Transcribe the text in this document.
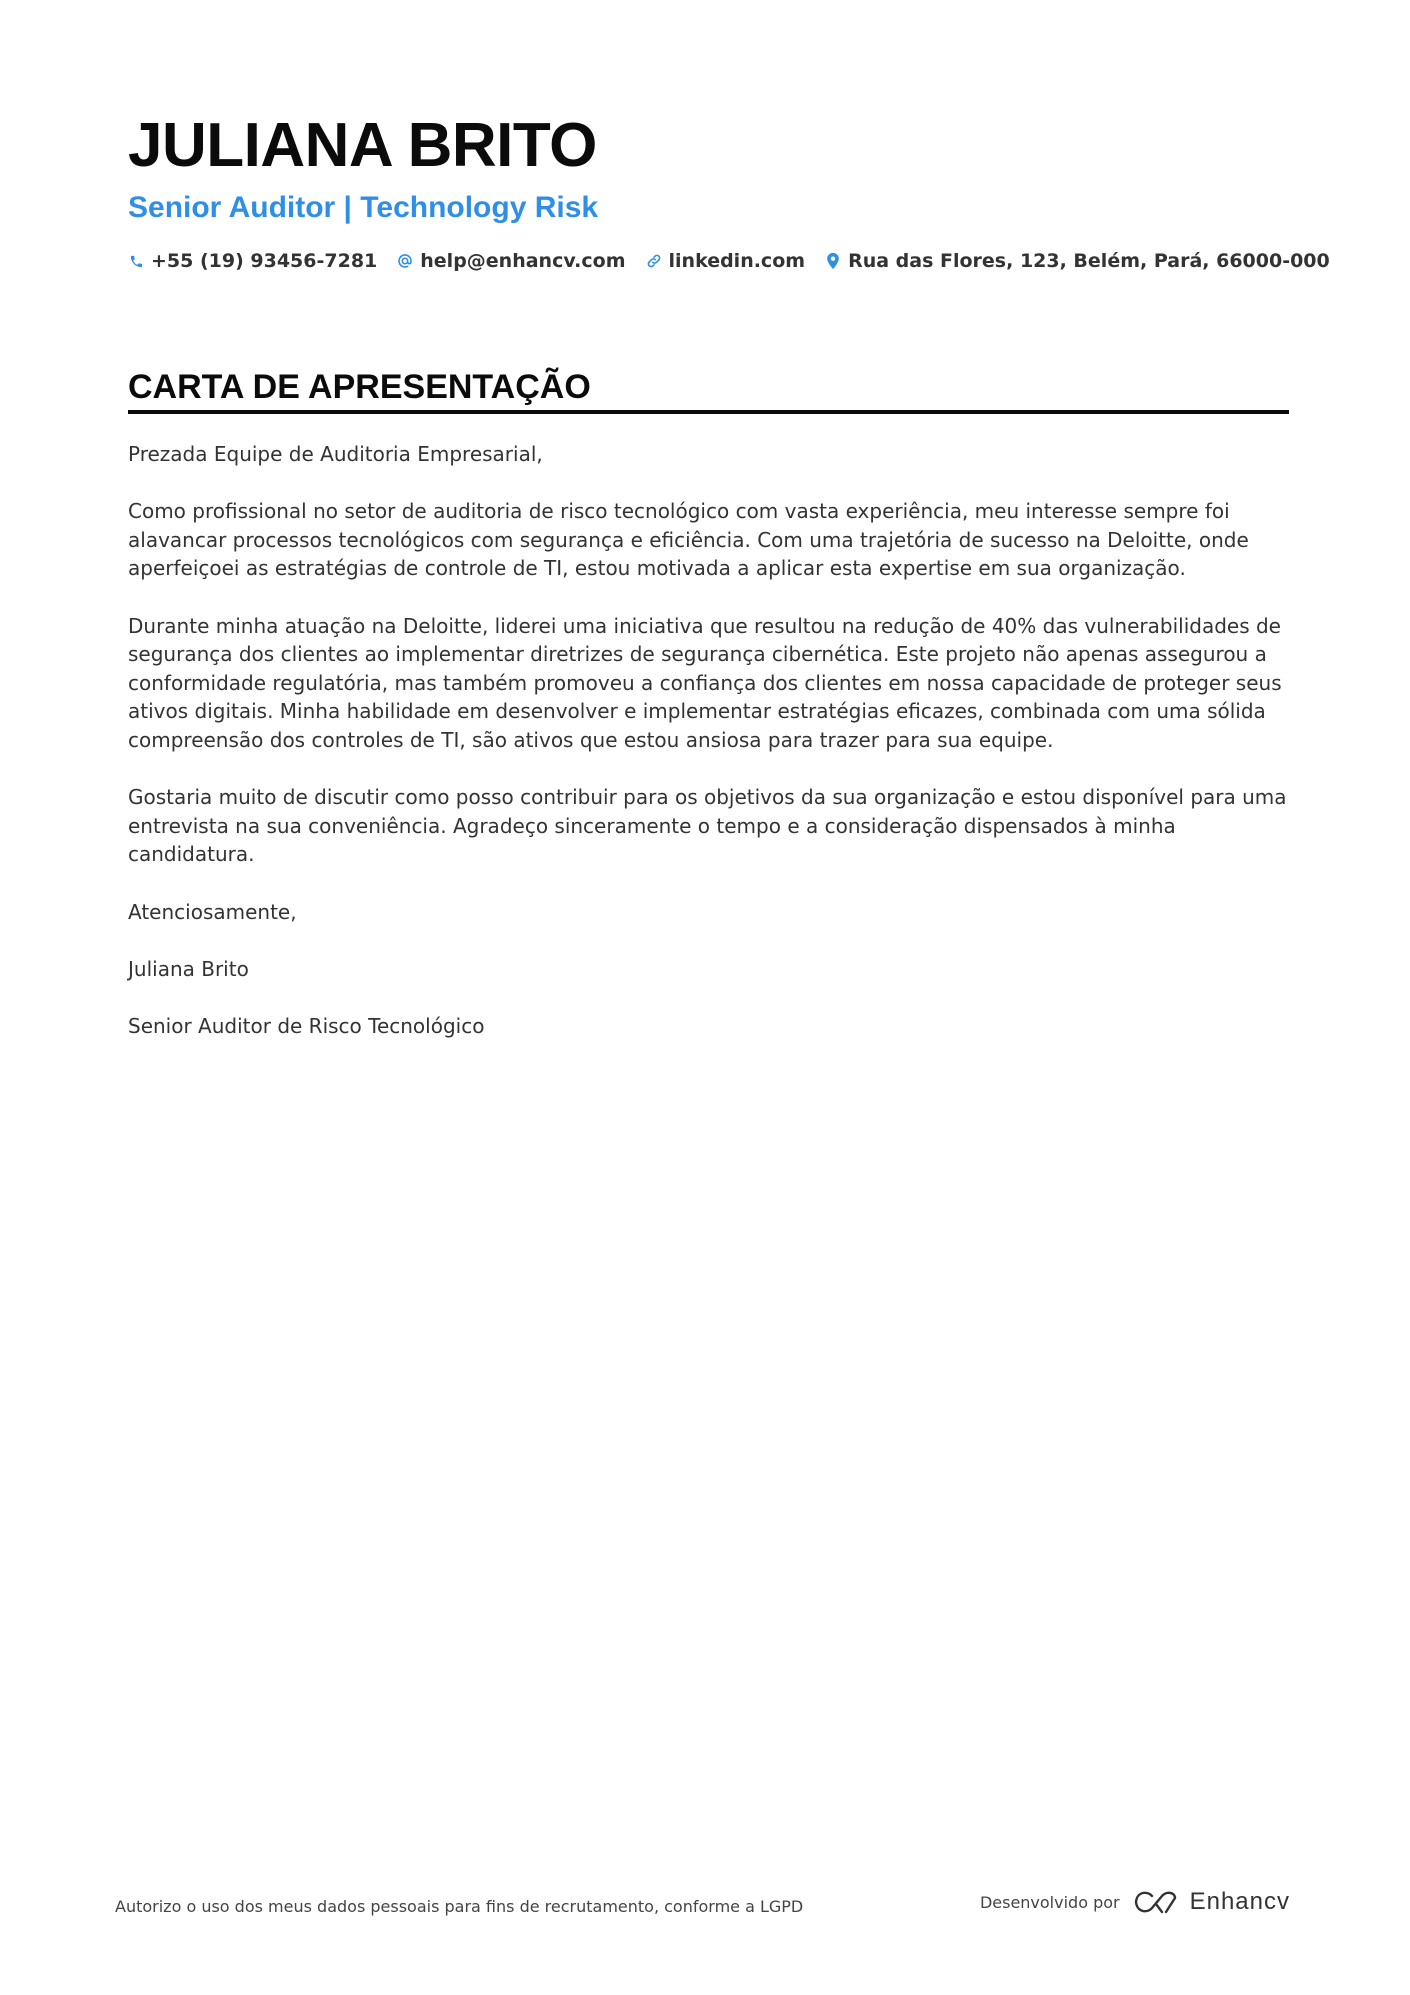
JULIANA BRITO
Senior Auditor | Technology Risk
+55 (19) 93456-7281 help@enhancv.com linkedin.com Rua das Flores, 123, Belém, Pará, 66000-000
CARTA DE APRESENTAÇÃO

Prezada Equipe de Auditoria Empresarial,

Como profissional no setor de auditoria de risco tecnológico com vasta experiência, meu interesse sempre foi alavancar processos tecnológicos com segurança e eficiência. Com uma trajetória de sucesso na Deloitte, onde aperfeiçoei as estratégias de controle de TI, estou motivada a aplicar esta expertise em sua organização.

Durante minha atuação na Deloitte, liderei uma iniciativa que resultou na redução de 40% das vulnerabilidades de segurança dos clientes ao implementar diretrizes de segurança cibernética. Este projeto não apenas assegurou a conformidade regulatória, mas também promoveu a confiança dos clientes em nossa capacidade de proteger seus ativos digitais. Minha habilidade em desenvolver e implementar estratégias eficazes, combinada com uma sólida compreensão dos controles de TI, são ativos que estou ansiosa para trazer para sua equipe.

Gostaria muito de discutir como posso contribuir para os objetivos da sua organização e estou disponível para uma entrevista na sua conveniência. Agradeço sinceramente o tempo e a consideração dispensados à minha candidatura.

Atenciosamente,

Juliana Brito

Senior Auditor de Risco Tecnológico

Autorizo o uso dos meus dados pessoais para fins de recrutamento, conforme a LGPD	Desenvolvido por	Enhancv
